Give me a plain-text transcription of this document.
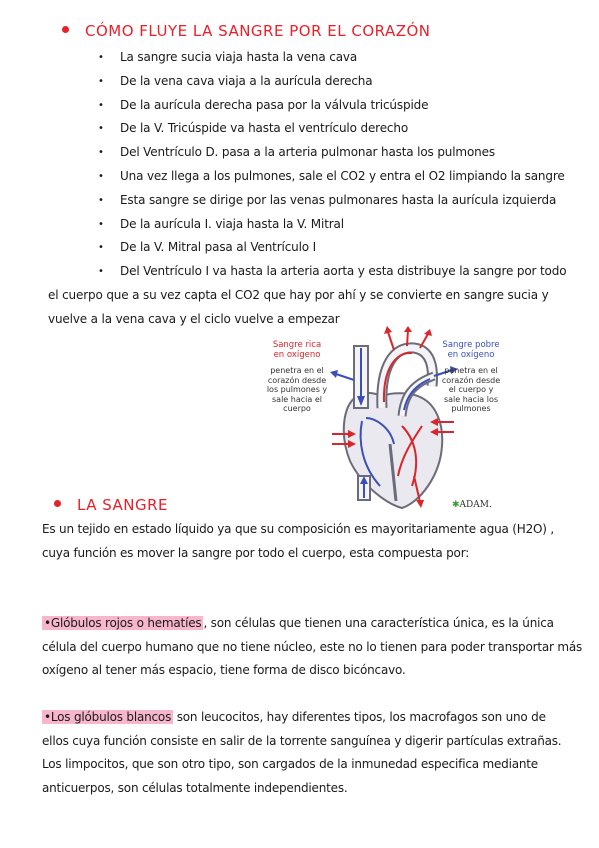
CÓMO FLUYE LA SANGRE POR EL CORAZÓN
• La sangre sucia viaja hasta la vena cava
• De la vena cava viaja a la aurícula derecha
• De la aurícula derecha pasa por la válvula tricúspide
• De la V. Tricúspide va hasta el ventrículo derecho
• Del Ventrículo D. pasa a la arteria pulmonar hasta los pulmones
• Una vez llega a los pulmones, sale el CO2 y entra el O2 limpiando la sangre
• Esta sangre se dirige por las venas pulmonares hasta la aurícula izquierda
• De la aurícula I. viaja hasta la V. Mitral
• De la V. Mitral pasa al Ventrículo I
• Del Ventrículo I va hasta la arteria aorta y esta distribuye la sangre por todo
el cuerpo que a su vez capta el CO2 que hay por ahí y se convierte en sangre sucia y
vuelve a la vena cava y el ciclo vuelve a empezar
Sangre rica
en oxígeno
penetra en el
corazón desde
los pulmones y
sale hacia el
cuerpo
Sangre pobre
en oxígeno
penetra en el
corazón desde
el cuerpo y
sale hacia los
pulmones
✱ADAM.
LA SANGRE
Es un tejido en estado líquido ya que su composición es mayoritariamente agua (H2O) ,
cuya función es mover la sangre por todo el cuerpo, esta compuesta por:
•Glóbulos rojos o hematíes , son células que tienen una característica única, es la única
célula del cuerpo humano que no tiene núcleo, este no lo tienen para poder transportar más
oxígeno al tener más espacio, tiene forma de disco bicóncavo.
•Los glóbulos blancos son leucocitos, hay diferentes tipos, los macrofagos son uno de
ellos cuya función consiste en salir de la torrente sanguínea y digerir partículas extrañas.
Los limpocitos, que son otro tipo, son cargados de la inmunedad especifica mediante
anticuerpos, son células totalmente independientes.
